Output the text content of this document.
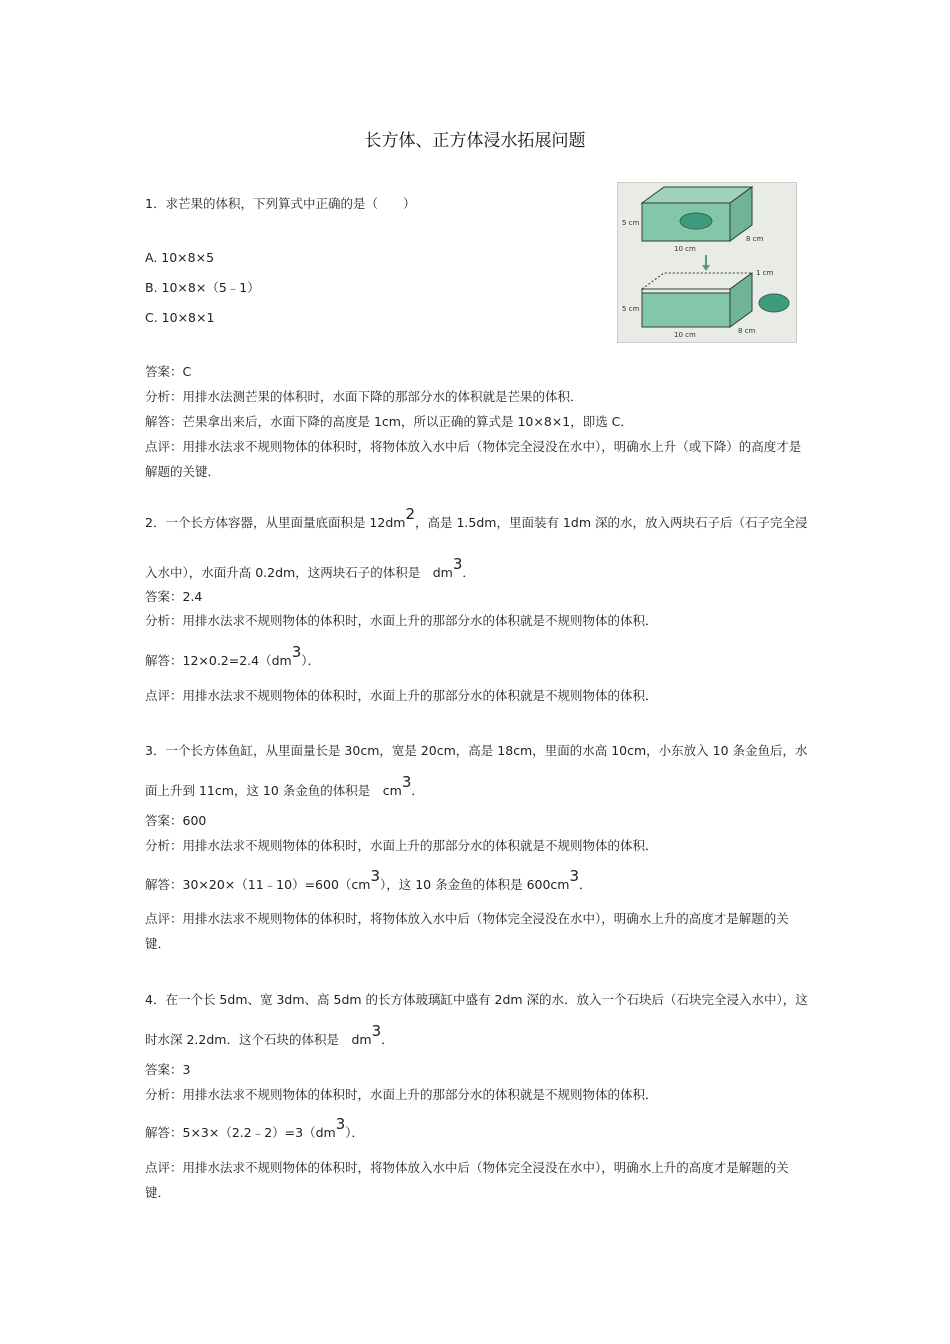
长方体、正方体浸水拓展问题
1．求芒果的体积，下列算式中正确的是（　　）
5 cm
10 cm
8 cm
1 cm
5 cm
10 cm	8 cm
A. 10×8×5
B. 10×8×（5﹣1）
C. 10×8×1
答案：C
分析：用排水法测芒果的体积时，水面下降的那部分水的体积就是芒果的体积．
解答：芒果拿出来后，水面下降的高度是 1cm，所以正确的算式是 10×8×1，即选 C．
点评：用排水法求不规则物体的体积时，将物体放入水中后（物体完全浸没在水中），明确水上升（或下降）的高度才是解题的关键．
2．一个长方体容器，从里面量底面积是 $12dm^2$，高是 1.5dm，里面装有 1dm 深的水，放入两块石子后（石子完全浸入水中），水面升高 0.2dm，这两块石子的体积是　$dm^3$．
答案：2.4
分析：用排水法求不规则物体的体积时，水面上升的那部分水的体积就是不规则物体的体积．
解答：$12\times 0.2=2.4(dm^3)$．
点评：用排水法求不规则物体的体积时，水面上升的那部分水的体积就是不规则物体的体积．
3．一个长方体鱼缸，从里面量长是 30cm，宽是 20cm，高是 18cm，里面的水高 10cm，小东放入 10 条金鱼后，水面上升到 11cm，这 10 条金鱼的体积是　$cm^3$．
答案：600
分析：用排水法求不规则物体的体积时，水面上升的那部分水的体积就是不规则物体的体积．
解答：$30\times 20\times(11﹣10)=600(cm^3)$，这 10 条金鱼的体积是 $600cm^3$．
点评：用排水法求不规则物体的体积时，将物体放入水中后（物体完全浸没在水中），明确水上升的高度才是解题的关键．
4．在一个长 5dm、宽 3dm、高 5dm 的长方体玻璃缸中盛有 2dm 深的水．放入一个石块后（石块完全浸入水中），这时水深 2.2dm．这个石块的体积是　$dm^3$．
答案：3
分析：用排水法求不规则物体的体积时，水面上升的那部分水的体积就是不规则物体的体积．
解答：$5\times 3\times(2.2﹣2)=3(dm^3)$．
点评：用排水法求不规则物体的体积时，将物体放入水中后（物体完全浸没在水中），明确水上升的高度才是解题的关键．
